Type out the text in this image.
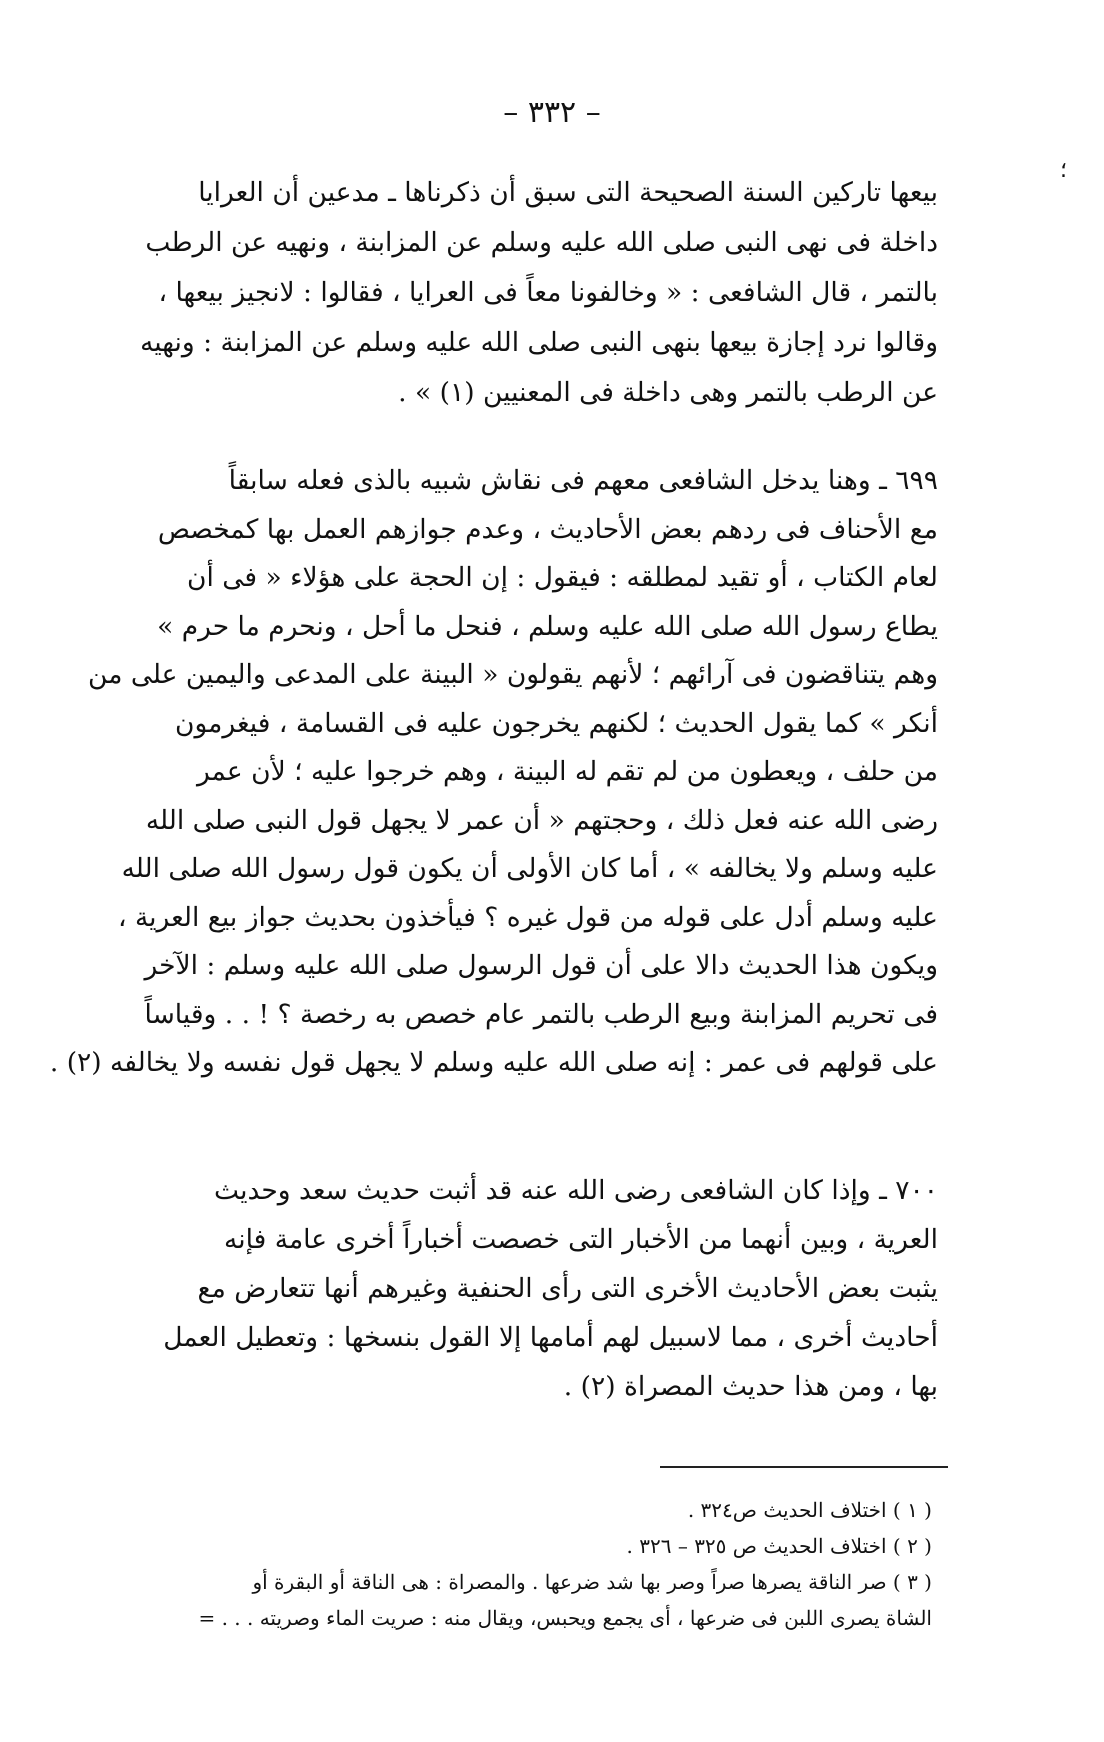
– ٣٣٢ –
؛
بيعها تاركين السنة الصحيحة التى سبق أن ذكرناها ـ مدعين أن العرايا
داخلة فى نهى النبى صلى الله عليه وسلم عن المزابنة ، ونهيه عن الرطب
بالتمر ، قال الشافعى : « وخالفونا معاً فى العرايا ، فقالوا : لانجيز بيعها ،
وقالوا نرد إجازة بيعها بنهى النبى صلى الله عليه وسلم عن المزابنة : ونهيه
عن الرطب بالتمر وهى داخلة فى المعنيين (١) » .
٦٩٩ ـ وهنا يدخل الشافعى معهم فى نقاش شبيه بالذى فعله سابقاً
مع الأحناف فى ردهم بعض الأحاديث ، وعدم جوازهم العمل بها كمخصص
لعام الكتاب ، أو تقيد لمطلقه : فيقول : إن الحجة على هؤلاء « فى أن
يطاع رسول الله صلى الله عليه وسلم ، فنحل ما أحل ، ونحرم ما حرم »
وهم يتناقضون فى آرائهم ؛ لأنهم يقولون « البينة على المدعى واليمين على من
أنكر » كما يقول الحديث ؛ لكنهم يخرجون عليه فى القسامة ، فيغرمون
من حلف ، ويعطون من لم تقم له البينة ، وهم خرجوا عليه ؛ لأن عمر
رضى الله عنه فعل ذلك ، وحجتهم « أن عمر لا يجهل قول النبى صلى الله
عليه وسلم ولا يخالفه » ، أما كان الأولى أن يكون قول رسول الله صلى الله
عليه وسلم أدل على قوله من قول غيره ؟ فيأخذون بحديث جواز بيع العرية ،
ويكون هذا الحديث دالا على أن قول الرسول صلى الله عليه وسلم : الآخر
فى تحريم المزابنة وبيع الرطب بالتمر عام خصص به رخصة ؟ ! . . وقياساً
على قولهم فى عمر : إنه صلى الله عليه وسلم لا يجهل قول نفسه ولا يخالفه (٢) .
٧٠٠ ـ وإذا كان الشافعى رضى الله عنه قد أثبت حديث سعد وحديث
العرية ، وبين أنهما من الأخبار التى خصصت أخباراً أخرى عامة فإنه
يثبت بعض الأحاديث الأخرى التى رأى الحنفية وغيرهم أنها تتعارض مع
أحاديث أخرى ، مما لاسبيل لهم أمامها إلا القول بنسخها : وتعطيل العمل
بها ، ومن هذا حديث المصراة (٢) .
( ١ ) اختلاف الحديث ص٣٢٤ .
( ٢ ) اختلاف الحديث ص ٣٢٥ – ٣٢٦ .
( ٣ ) صر الناقة يصرها صراً وصر بها شد ضرعها . والمصراة : هى الناقة أو البقرة أو
الشاة يصرى اللبن فى ضرعها ، أى يجمع ويحبس، ويقال منه : صريت الماء وصريته . . . =
